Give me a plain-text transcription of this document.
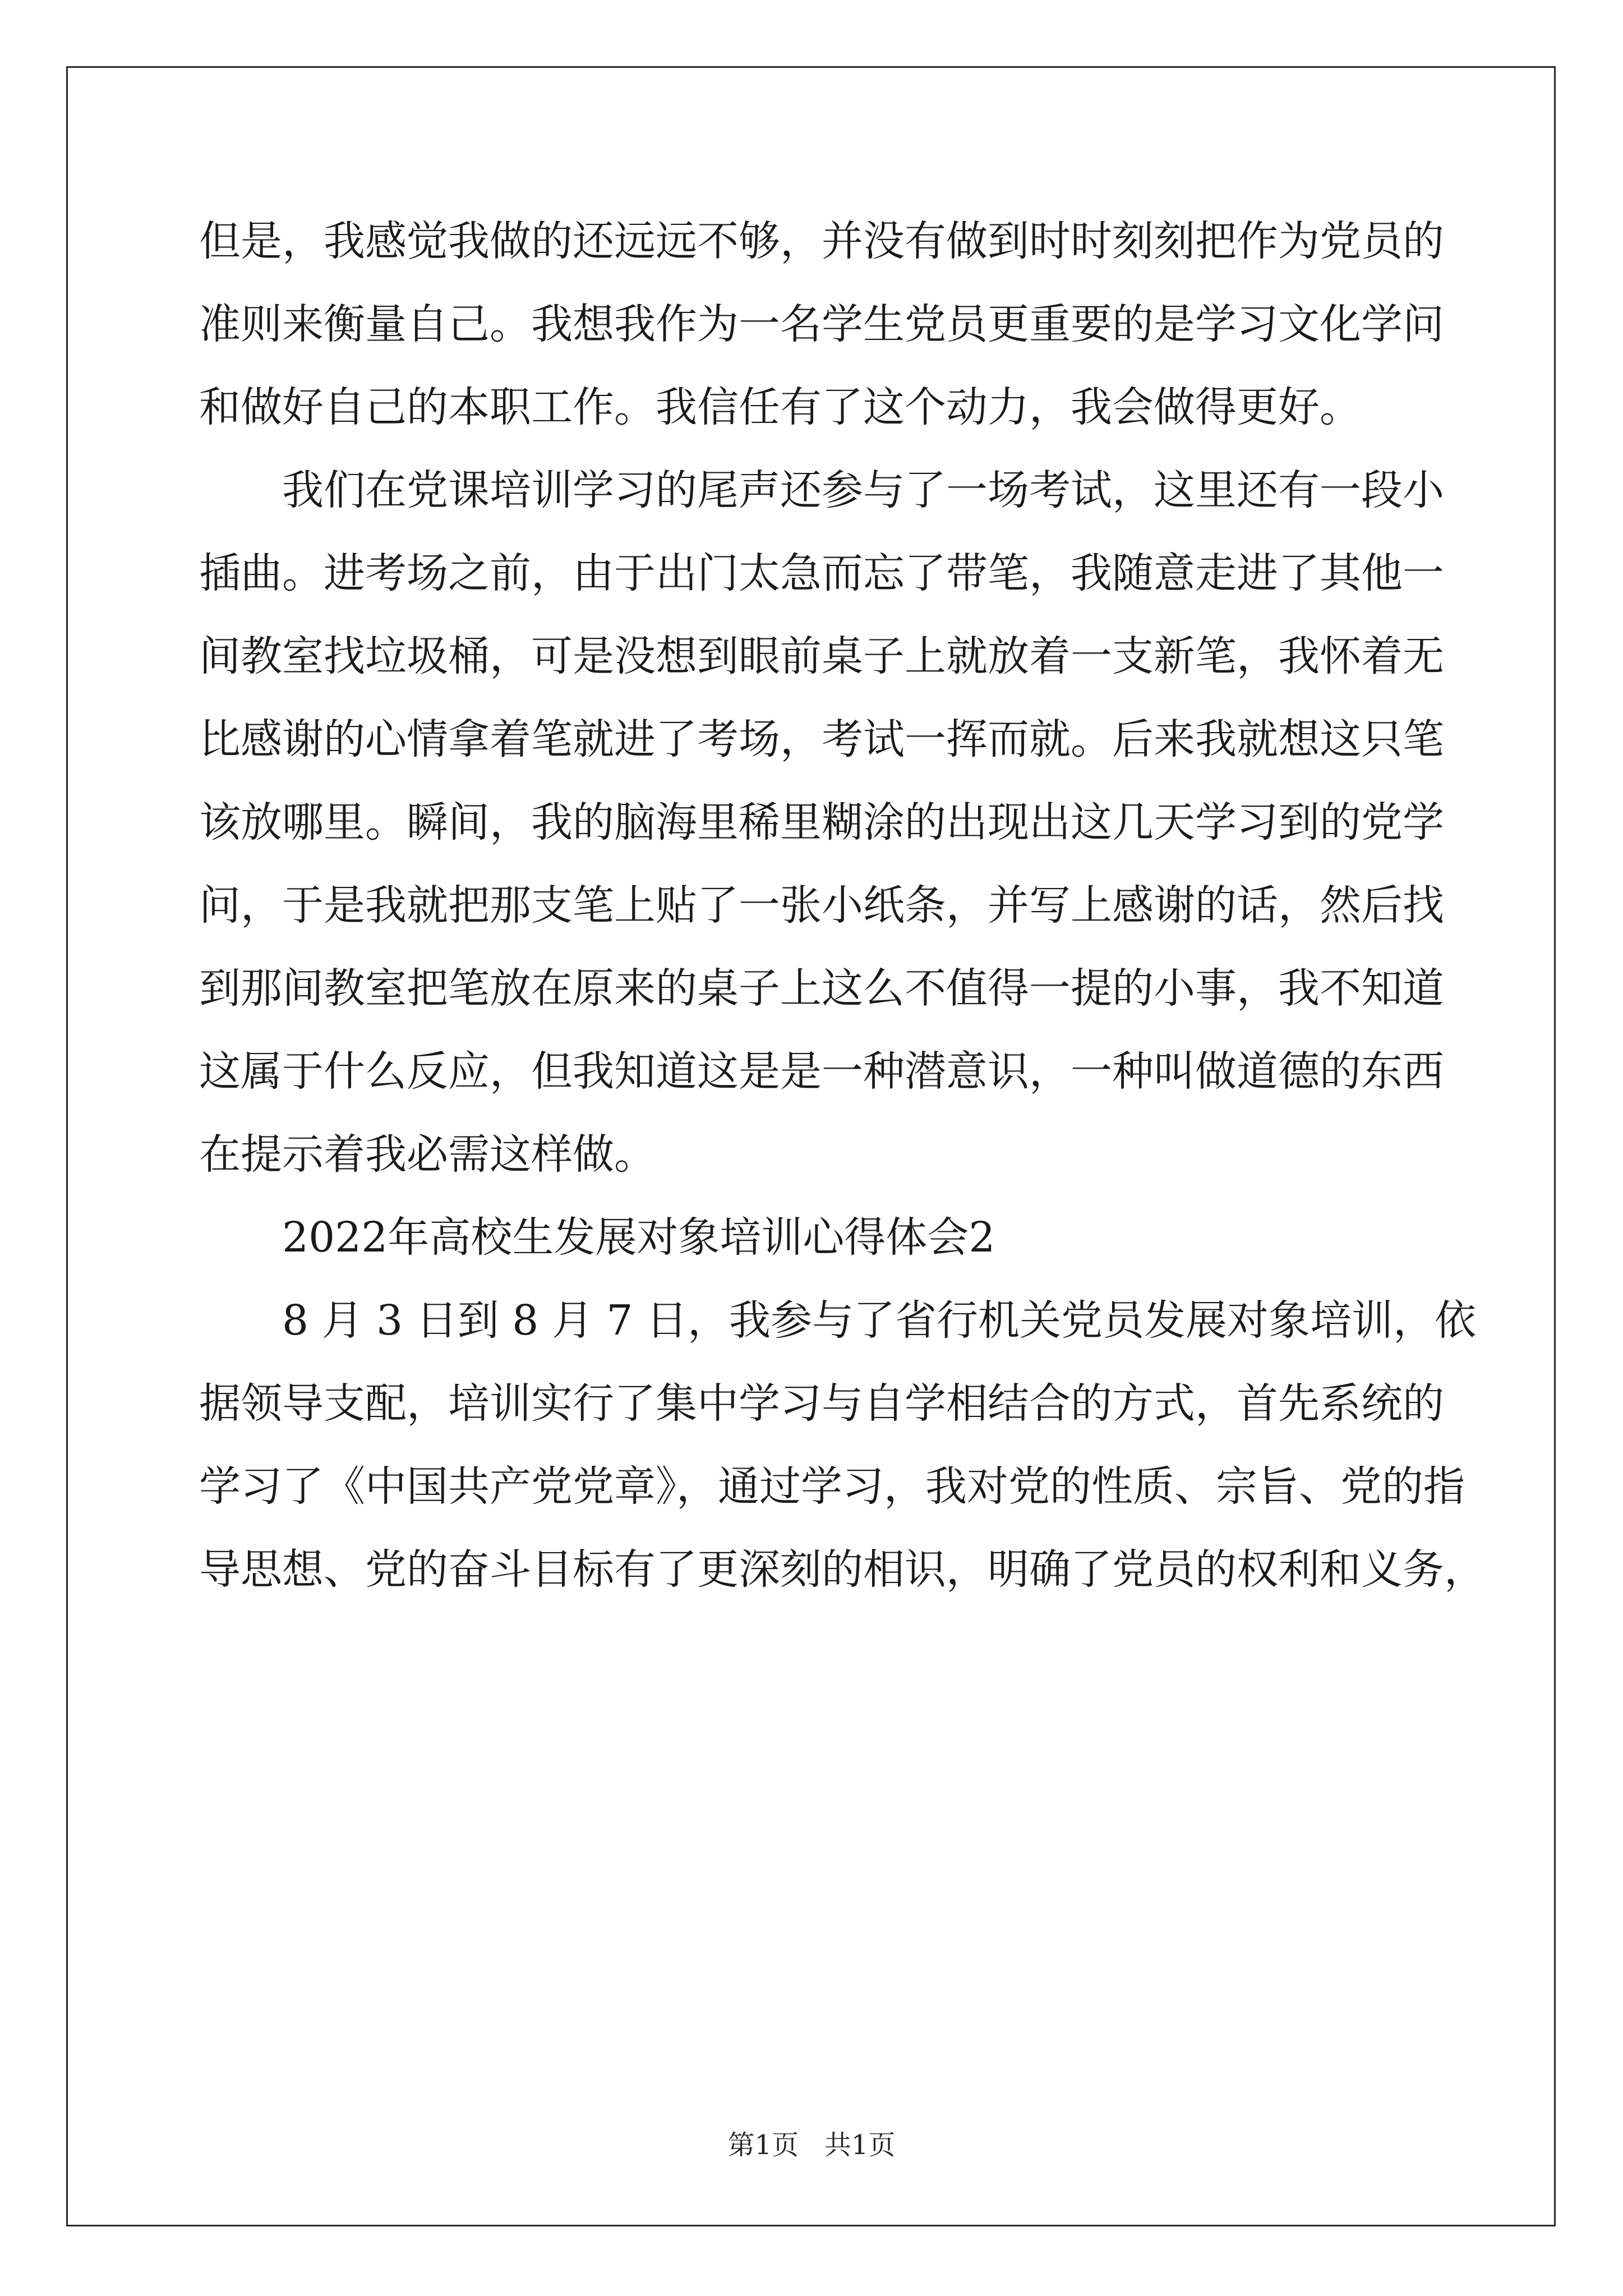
但是，我感觉我做的还远远不够，并没有做到时时刻刻把作为党员的
准则来衡量自己。我想我作为一名学生党员更重要的是学习文化学问
和做好自己的本职工作。我信任有了这个动力，我会做得更好。
我们在党课培训学习的尾声还参与了一场考试，这里还有一段小
插曲。进考场之前，由于出门太急而忘了带笔，我随意走进了其他一
间教室找垃圾桶，可是没想到眼前桌子上就放着一支新笔，我怀着无
比感谢的心情拿着笔就进了考场，考试一挥而就。后来我就想这只笔
该放哪里。瞬间，我的脑海里稀里糊涂的出现出这几天学习到的党学
问，于是我就把那支笔上贴了一张小纸条，并写上感谢的话，然后找
到那间教室把笔放在原来的桌子上这么不值得一提的小事，我不知道
这属于什么反应，但我知道这是是一种潜意识，一种叫做道德的东西
在提示着我必需这样做。
2022年高校生发展对象培训心得体会2
8 月 3 日到 8 月 7 日，我参与了省行机关党员发展对象培训，依
据领导支配，培训实行了集中学习与自学相结合的方式，首先系统的
学习了《中国共产党党章》，通过学习，我对党的性质、宗旨、党的指
导思想、党的奋斗目标有了更深刻的相识，明确了党员的权利和义务，
第1页   共1页
